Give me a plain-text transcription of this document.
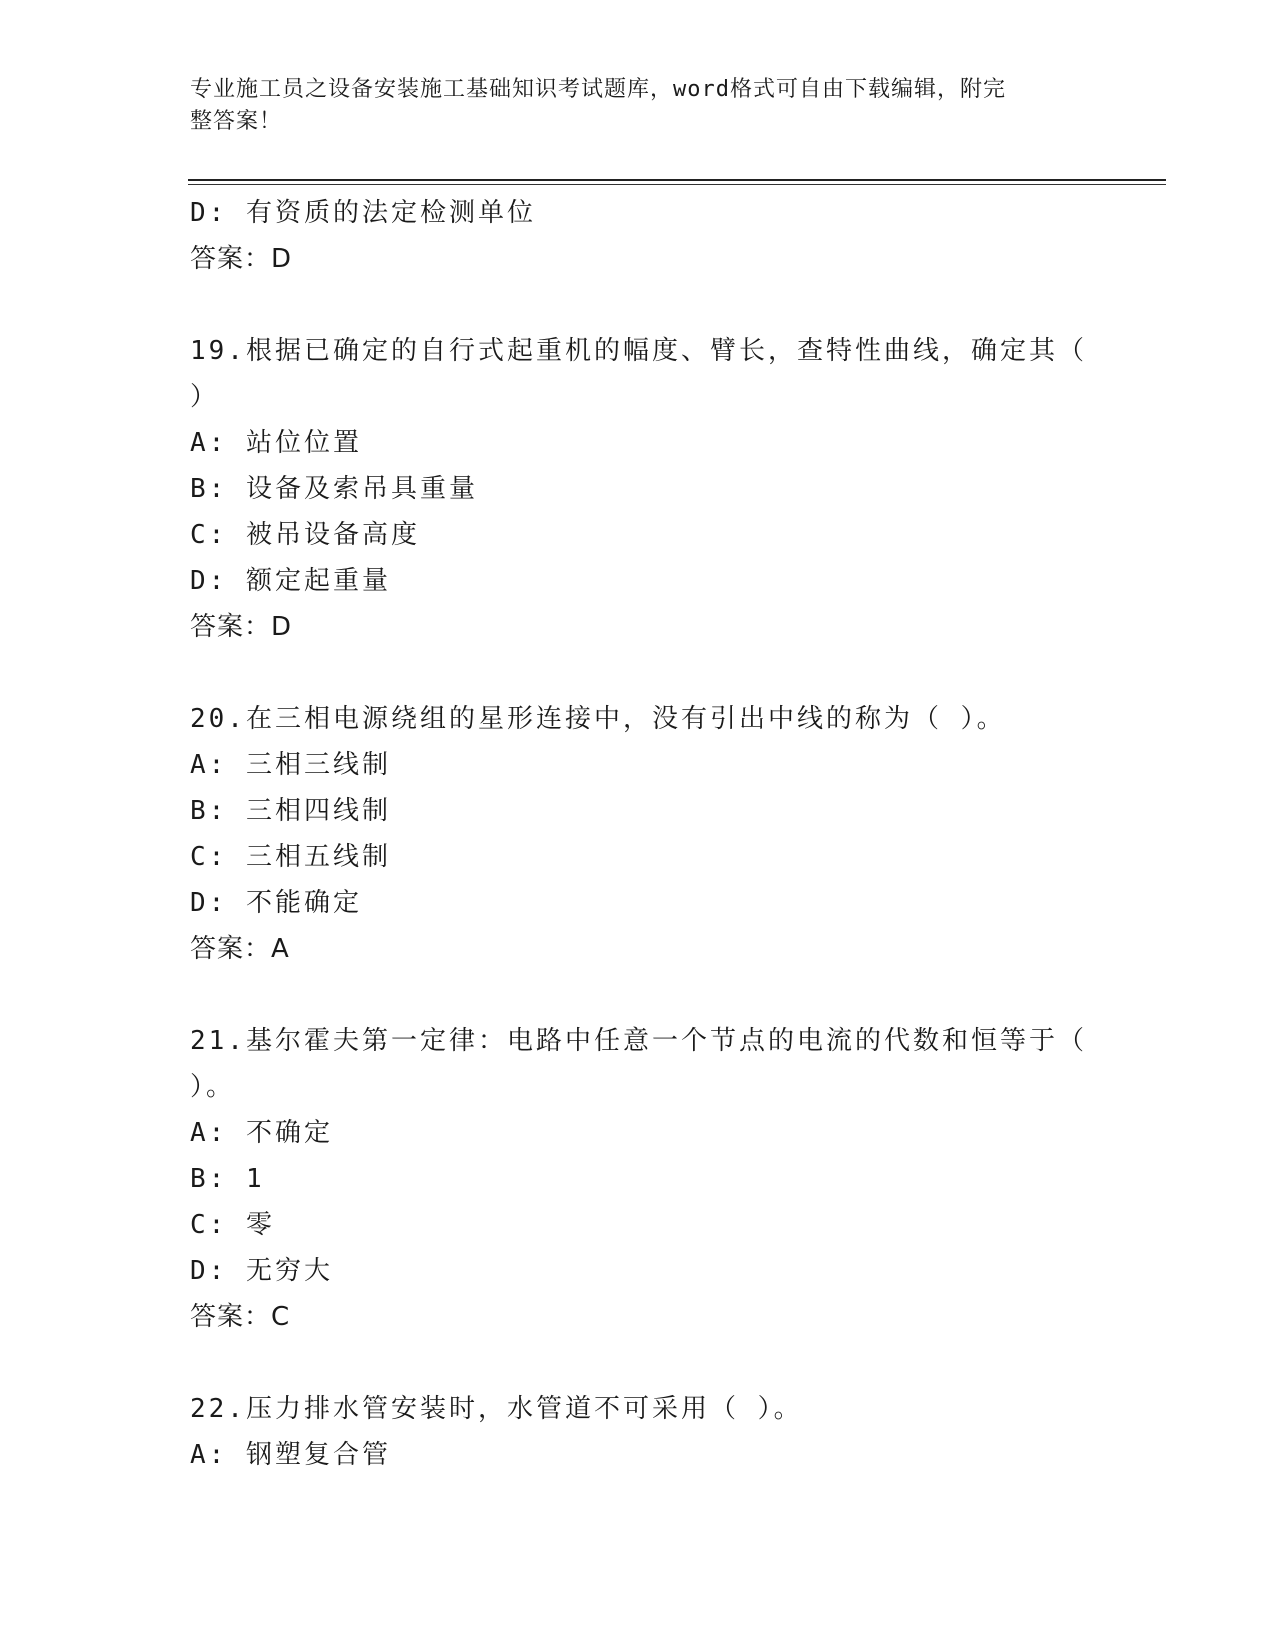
专业施工员之设备安装施工基础知识考试题库，word格式可自由下载编辑，附完
整答案！
D: 有资质的法定检测单位
答案：D
19.根据已确定的自行式起重机的幅度、臂长，查特性曲线，确定其（
）
A: 站位位置
B: 设备及索吊具重量
C: 被吊设备高度
D: 额定起重量
答案：D
20.在三相电源绕组的星形连接中，没有引出中线的称为（ ）。
A: 三相三线制
B: 三相四线制
C: 三相五线制
D: 不能确定
答案：A
21.基尔霍夫第一定律：电路中任意一个节点的电流的代数和恒等于（
）。
A: 不确定
B: 1
C: 零
D: 无穷大
答案：C
22.压力排水管安装时，水管道不可采用（ ）。
A: 钢塑复合管
